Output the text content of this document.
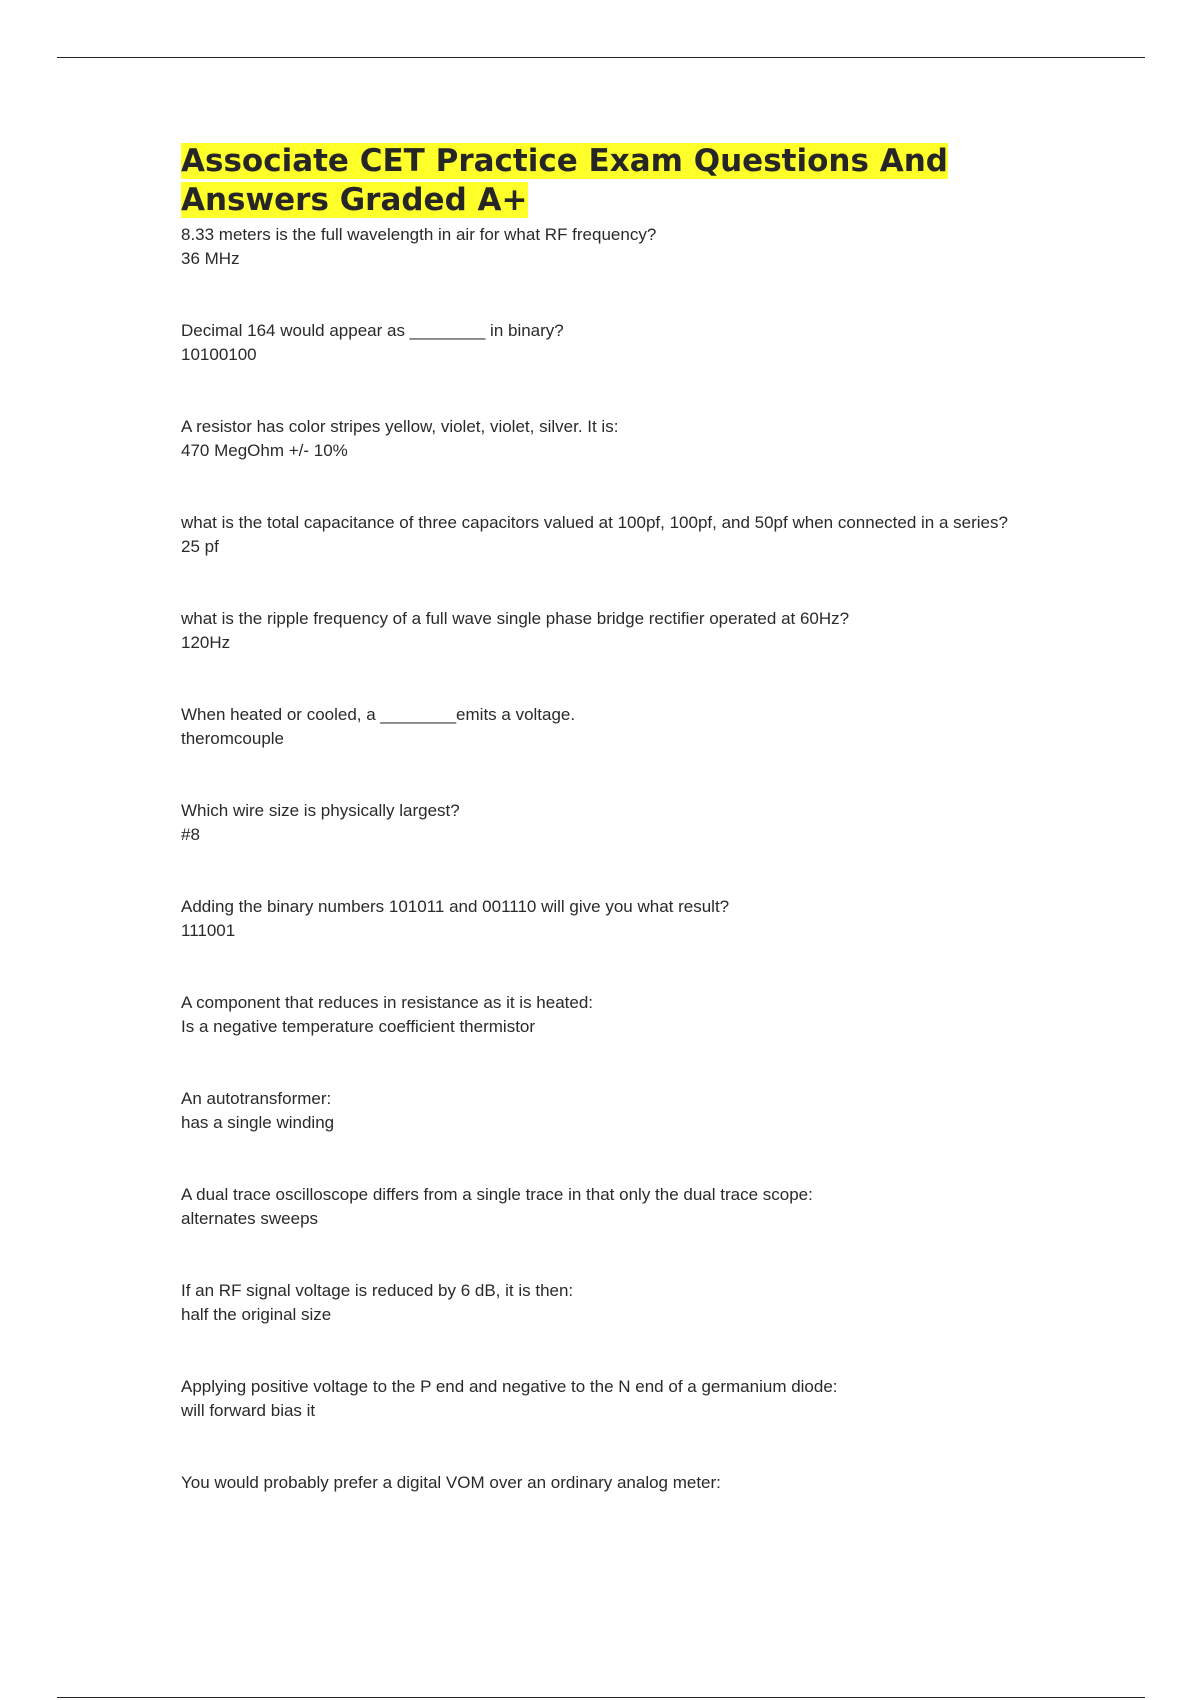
Associate CET Practice Exam Questions And Answers Graded A+
8.33 meters is the full wavelength in air for what RF frequency?
36 MHz
Decimal 164 would appear as ________ in binary?
10100100
A resistor has color stripes yellow, violet, violet, silver. It is:
470 MegOhm +/- 10%
what is the total capacitance of three capacitors valued at 100pf, 100pf, and 50pf when connected in a series?
25 pf
what is the ripple frequency of a full wave single phase bridge rectifier operated at 60Hz?
120Hz
When heated or cooled, a ________emits a voltage.
theromcouple
Which wire size is physically largest?
#8
Adding the binary numbers 101011 and 001110 will give you what result?
111001
A component that reduces in resistance as it is heated:
Is a negative temperature coefficient thermistor
An autotransformer:
has a single winding
A dual trace oscilloscope differs from a single trace in that only the dual trace scope:
alternates sweeps
If an RF signal voltage is reduced by 6 dB, it is then:
half the original size
Applying positive voltage to the P end and negative to the N end of a germanium diode:
will forward bias it
You would probably prefer a digital VOM over an ordinary analog meter:
